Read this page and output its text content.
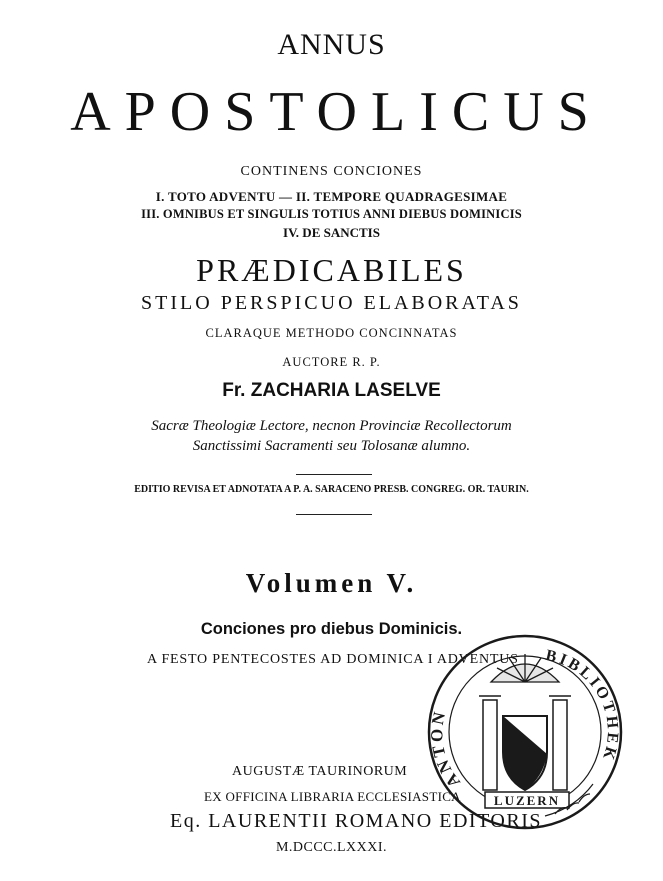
ANNUS
APOSTOLICUS
CONTINENS CONCIONES
I. TOTO ADVENTU — II. TEMPORE QUADRAGESIMAE
III. OMNIBUS ET SINGULIS TOTIUS ANNI DIEBUS DOMINICIS
IV. DE SANCTIS
PRÆDICABILES
STILO PERSPICUO ELABORATAS
CLARAQUE METHODO CONCINNATAS
AUCTORE R. P.
Fr. ZACHARIA LASELVE
Sacræ Theologiæ Lectore, necnon Provinciæ Recollectorum
Sanctissimi Sacramenti seu Tolosanæ alumno.
EDITIO REVISA ET ADNOTATA A P. A. SARACENO PRESB. CONGREG. OR. TAURIN.
Volumen V.
Conciones pro diebus Dominicis.
A FESTO PENTECOSTES AD DOMINICA I ADVENTUS
AUGUSTÆ TAURINORUM
EX OFFICINA LIBRARIA ECCLESIASTICA
Eq. LAURENTII ROMANO EDITORIS
M.DCCC.LXXXI.
ANTON
BIBLIOTHEK
LUZERN
